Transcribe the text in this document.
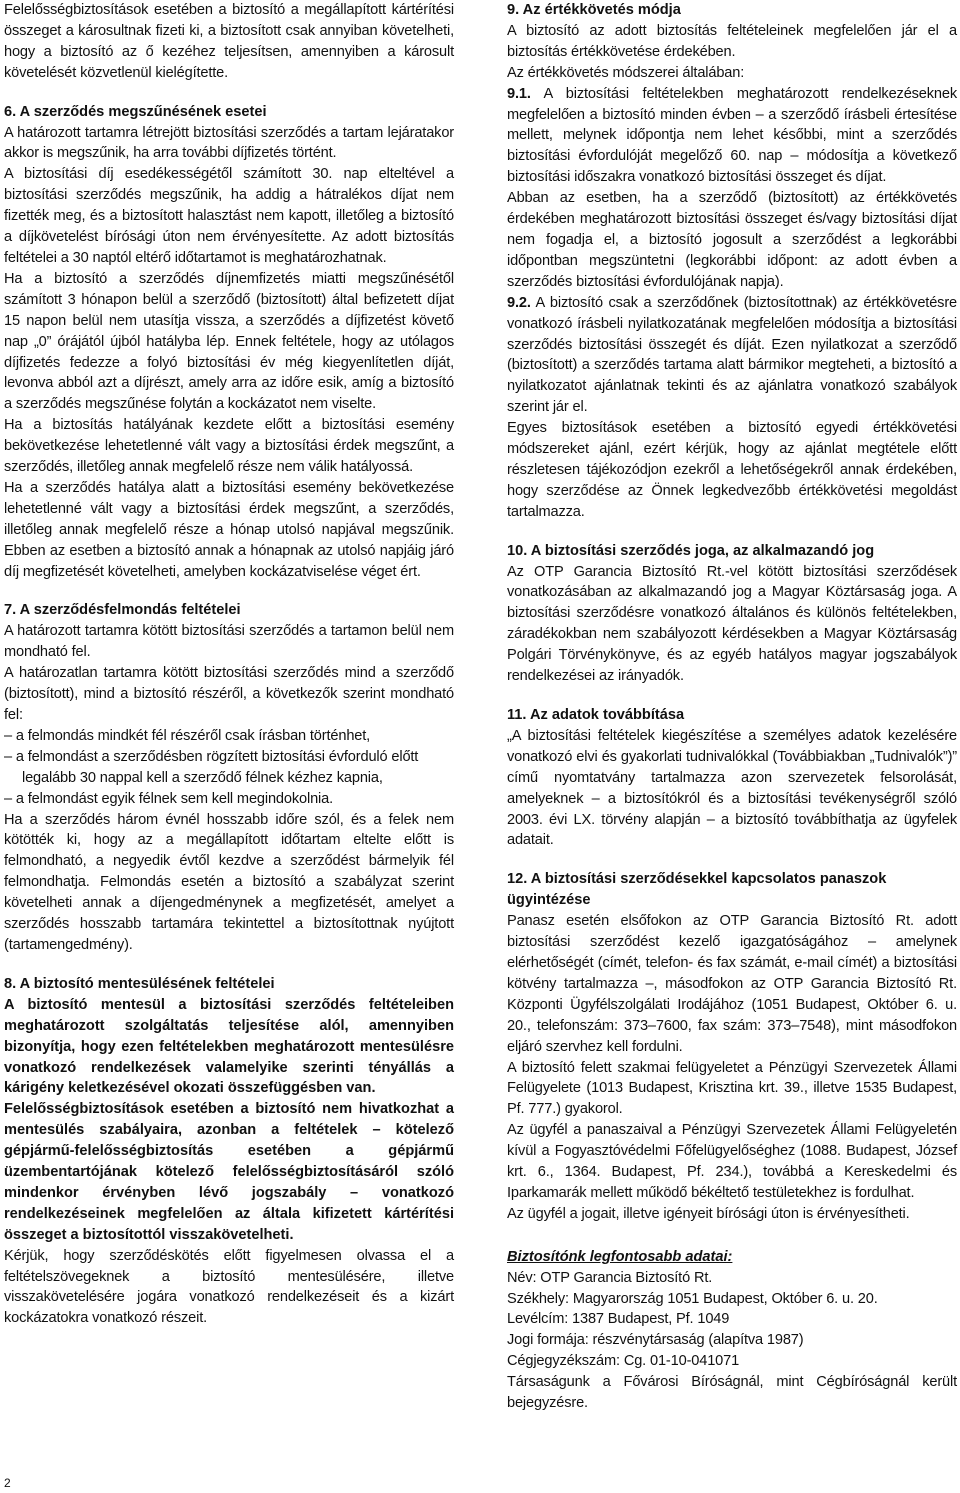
Felelősségbiztosítások esetében a biztosító a megállapított kártérítési összeget a károsultnak fizeti ki, a biztosított csak annyiban követelheti, hogy a biztosító az ő kezéhez teljesítsen, amennyiben a károsult követelését közvetlenül kielégítette.

6. A szerződés megszűnésének esetei

A határozott tartamra létrejött biztosítási szerződés a tartam lejáratakor akkor is megszűnik, ha arra további díjfizetés történt.

A biztosítási díj esedékességétől számított 30. nap elteltével a biztosítási szerződés megszűnik, ha addig a hátralékos díjat nem fizették meg, és a biztosított halasztást nem kapott, illetőleg a biztosító a díjkövetelést bírósági úton nem érvényesítette. Az adott biztosítás feltételei a 30 naptól eltérő időtartamot is meghatározhatnak.

Ha a biztosító a szerződés díjnemfizetés miatti megszűnésétől számított 3 hónapon belül a szerződő (biztosított) által befizetett díjat 15 napon belül nem utasítja vissza, a szerződés a díjfizetést követő nap „0” órájától újból hatályba lép. Ennek feltétele, hogy az utólagos díjfizetés fedezze a folyó biztosítási év még kiegyenlítetlen díját, levonva abból azt a díjrészt, amely arra az időre esik, amíg a biztosító a szerződés megszűnése folytán a kockázatot nem viselte.

Ha a biztosítás hatályának kezdete előtt a biztosítási esemény bekövetkezése lehetetlenné vált vagy a biztosítási érdek megszűnt, a szerződés, illetőleg annak megfelelő része nem válik hatályossá.

Ha a szerződés hatálya alatt a biztosítási esemény bekövetkezése lehetetlenné vált vagy a biztosítási érdek megszűnt, a szerződés, illetőleg annak megfelelő része a hónap utolsó napjával megszűnik. Ebben az esetben a biztosító annak a hónapnak az utolsó napjáig járó díj megfizetését követelheti, amelyben kockázatviselése véget ért.

7. A szerződésfelmondás feltételei

A határozott tartamra kötött biztosítási szerződés a tartamon belül nem mondható fel.

A határozatlan tartamra kötött biztosítási szerződés mind a szerződő (biztosított), mind a biztosító részéről, a következők szerint mondható fel:

– a felmondás mindkét fél részéről csak írásban történhet,

– a felmondást a szerződésben rögzített biztosítási évforduló előtt legalább 30 nappal kell a szerződő félnek kézhez kapnia,

– a felmondást egyik félnek sem kell megindokolnia.

Ha a szerződés három évnél hosszabb időre szól, és a felek nem kötötték ki, hogy az a megállapított időtartam eltelte előtt is felmondható, a negyedik évtől kezdve a szerződést bármelyik fél felmondhatja. Felmondás esetén a biztosító a szabályzat szerint követelheti annak a díjengedménynek a megfizetését, amelyet a szerződés hosszabb tartamára tekintettel a biztosítottnak nyújtott (tartamengedmény).

8. A biztosító mentesülésének feltételei

A biztosító mentesül a biztosítási szerződés feltételeiben meghatározott szolgáltatás teljesítése alól, amennyiben bizonyítja, hogy ezen feltételekben meghatározott mentesülésre vonatkozó rendelkezések valamelyike szerinti tényállás a kárigény keletkezésével okozati összefüggésben van.

Felelősségbiztosítások esetében a biztosító nem hivatkozhat a mentesülés szabályaira, azonban a feltételek – kötelező gépjármű-felelősségbiztosítás esetében a gépjármű üzembentartójának kötelező felelősségbiztosításáról szóló mindenkor érvényben lévő jogszabály – vonatkozó rendelkezéseinek megfelelően az általa kifizetett kártérítési összeget a biztosítottól visszakövetelheti.

Kérjük, hogy szerződéskötés előtt figyelmesen olvassa el a feltételszövegeknek a biztosító mentesülésére, illetve visszakövetelésére jogára vonatkozó rendelkezéseit és a kizárt kockázatokra vonatkozó részeit.

9. Az értékkövetés módja

A biztosító az adott biztosítás feltételeinek megfelelően jár el a biztosítás értékkövetése érdekében.

Az értékkövetés módszerei általában:

9.1. A biztosítási feltételekben meghatározott rendelkezéseknek megfelelően a biztosító minden évben – a szerződő írásbeli értesítése mellett, melynek időpontja nem lehet későbbi, mint a szerződés biztosítási évfordulóját megelőző 60. nap – módosítja a következő biztosítási időszakra vonatkozó biztosítási összeget és díjat.

Abban az esetben, ha a szerződő (biztosított) az értékkövetés érdekében meghatározott biztosítási összeget és/vagy biztosítási díjat nem fogadja el, a biztosító jogosult a szerződést a legkorábbi időpontban megszüntetni (legkorábbi időpont: az adott évben a szerződés biztosítási évfordulójának napja).

9.2. A biztosító csak a szerződőnek (biztosítottnak) az értékkövetésre vonatkozó írásbeli nyilatkozatának megfelelően módosítja a biztosítási szerződés biztosítási összegét és díját. Ezen nyilatkozat a szerződő (biztosított) a szerződés tartama alatt bármikor megteheti, a biztosító a nyilatkozatot ajánlatnak tekinti és az ajánlatra vonatkozó szabályok szerint jár el.

Egyes biztosítások esetében a biztosító egyedi értékkövetési módszereket ajánl, ezért kérjük, hogy az ajánlat megtétele előtt részletesen tájékozódjon ezekről a lehetőségekről annak érdekében, hogy szerződése az Önnek legkedvezőbb értékkövetési megoldást tartalmazza.

10. A biztosítási szerződés joga, az alkalmazandó jog

Az OTP Garancia Biztosító Rt.-vel kötött biztosítási szerződések vonatkozásában az alkalmazandó jog a Magyar Köztársaság joga. A biztosítási szerződésre vonatkozó általános és különös feltételekben, záradékokban nem szabályozott kérdésekben a Magyar Köztársaság Polgári Törvénykönyve, és az egyéb hatályos magyar jogszabályok rendelkezései az irányadók.

11. Az adatok továbbítása

„A biztosítási feltételek kiegészítése a személyes adatok kezelésére vonatkozó elvi és gyakorlati tudnivalókkal (Továbbiakban „Tudnivalók”)” című nyomtatvány tartalmazza azon szervezetek felsorolását, amelyeknek – a biztosítókról és a biztosítási tevékenységről szóló 2003. évi LX. törvény alapján – a biztosító továbbíthatja az ügyfelek adatait.

12. A biztosítási szerződésekkel kapcsolatos panaszok ügyintézése

Panasz esetén elsőfokon az OTP Garancia Biztosító Rt. adott biztosítási szerződést kezelő igazgatóságához – amelynek elérhetőségét (címét, telefon- és fax számát, e-mail címét) a biztosítási kötvény tartalmazza –, másodfokon az OTP Garancia Biztosító Rt. Központi Ügyfélszolgálati Irodájához (1051 Budapest, Október 6. u. 20., telefonszám: 373–7600, fax szám: 373–7548), mint másodfokon eljáró szervhez kell fordulni.

A biztosító felett szakmai felügyeletet a Pénzügyi Szervezetek Állami Felügyelete (1013 Budapest, Krisztina krt. 39., illetve 1535 Budapest, Pf. 777.) gyakorol.

Az ügyfél a panaszaival a Pénzügyi Szervezetek Állami Felügyeletén kívül a Fogyasztóvédelmi Főfelügyelőséghez (1088. Budapest, József krt. 6., 1364. Budapest, Pf. 234.), továbbá a Kereskedelmi és Iparkamarák mellett működő békéltető testületekhez is fordulhat.

Az ügyfél a jogait, illetve igényeit bírósági úton is érvényesítheti.

Biztosítónk legfontosabb adatai:

Név: OTP Garancia Biztosító Rt.

Székhely: Magyarország 1051 Budapest, Október 6. u. 20.

Levélcím: 1387 Budapest, Pf. 1049

Jogi formája: részvénytársaság (alapítva 1987)

Cégjegyzékszám: Cg. 01-10-041071

Társaságunk a Fővárosi Bíróságnál, mint Cégbíróságnál került bejegyzésre.

2
